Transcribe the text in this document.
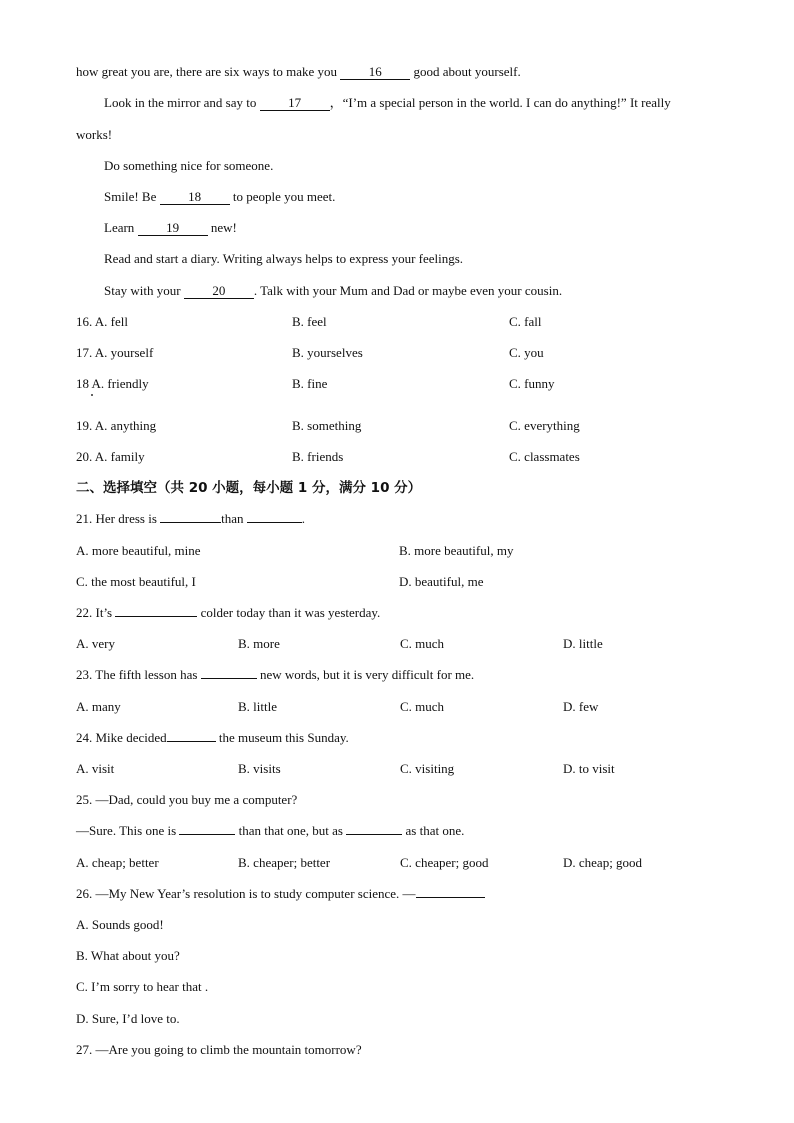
how great you are, there are six ways to make you 16 good about yourself.
Look in the mirror and say to 17 ，“I’m a special person in the world. I can do anything!” It really
works!
Do something nice for someone.
Smile! Be 18 to people you meet.
Learn 19 new!
Read and start a diary. Writing always helps to express your feelings.
Stay with your 20 . Talk with your Mum and Dad or maybe even your cousin.
16. A. fell	B. feel	C. fall
17. A. yourself	B. yourselves	C. you
18 A. friendly	B. fine	C. funny
19. A. anything	B. something	C. everything
20. A. family	B. friends	C. classmates
二、选择填空（共 20 小题，每小题 1 分，满分 10 分）
21. Her dress is	than	.
A. more beautiful, mine	B. more beautiful, my
C. the most beautiful, I	D. beautiful, me
22. It’s	colder today than it was yesterday.
A. very	B. more	C. much	D. little
23. The fifth lesson has	new words, but it is very difficult for me.
A. many	B. little	C. much	D. few
24. Mike decided	the museum this Sunday.
A. visit	B. visits	C. visiting	D. to visit
25. —Dad, could you buy me a computer?
—Sure. This one is	than that one, but as	as that one.
A. cheap; better	B. cheaper; better	C. cheaper; good	D. cheap; good
26. —My New Year’s resolution is to study computer science. —
A. Sounds good!
B. What about you?
C. I’m sorry to hear that .
D. Sure, I’d love to.
27. —Are you going to climb the mountain tomorrow?
